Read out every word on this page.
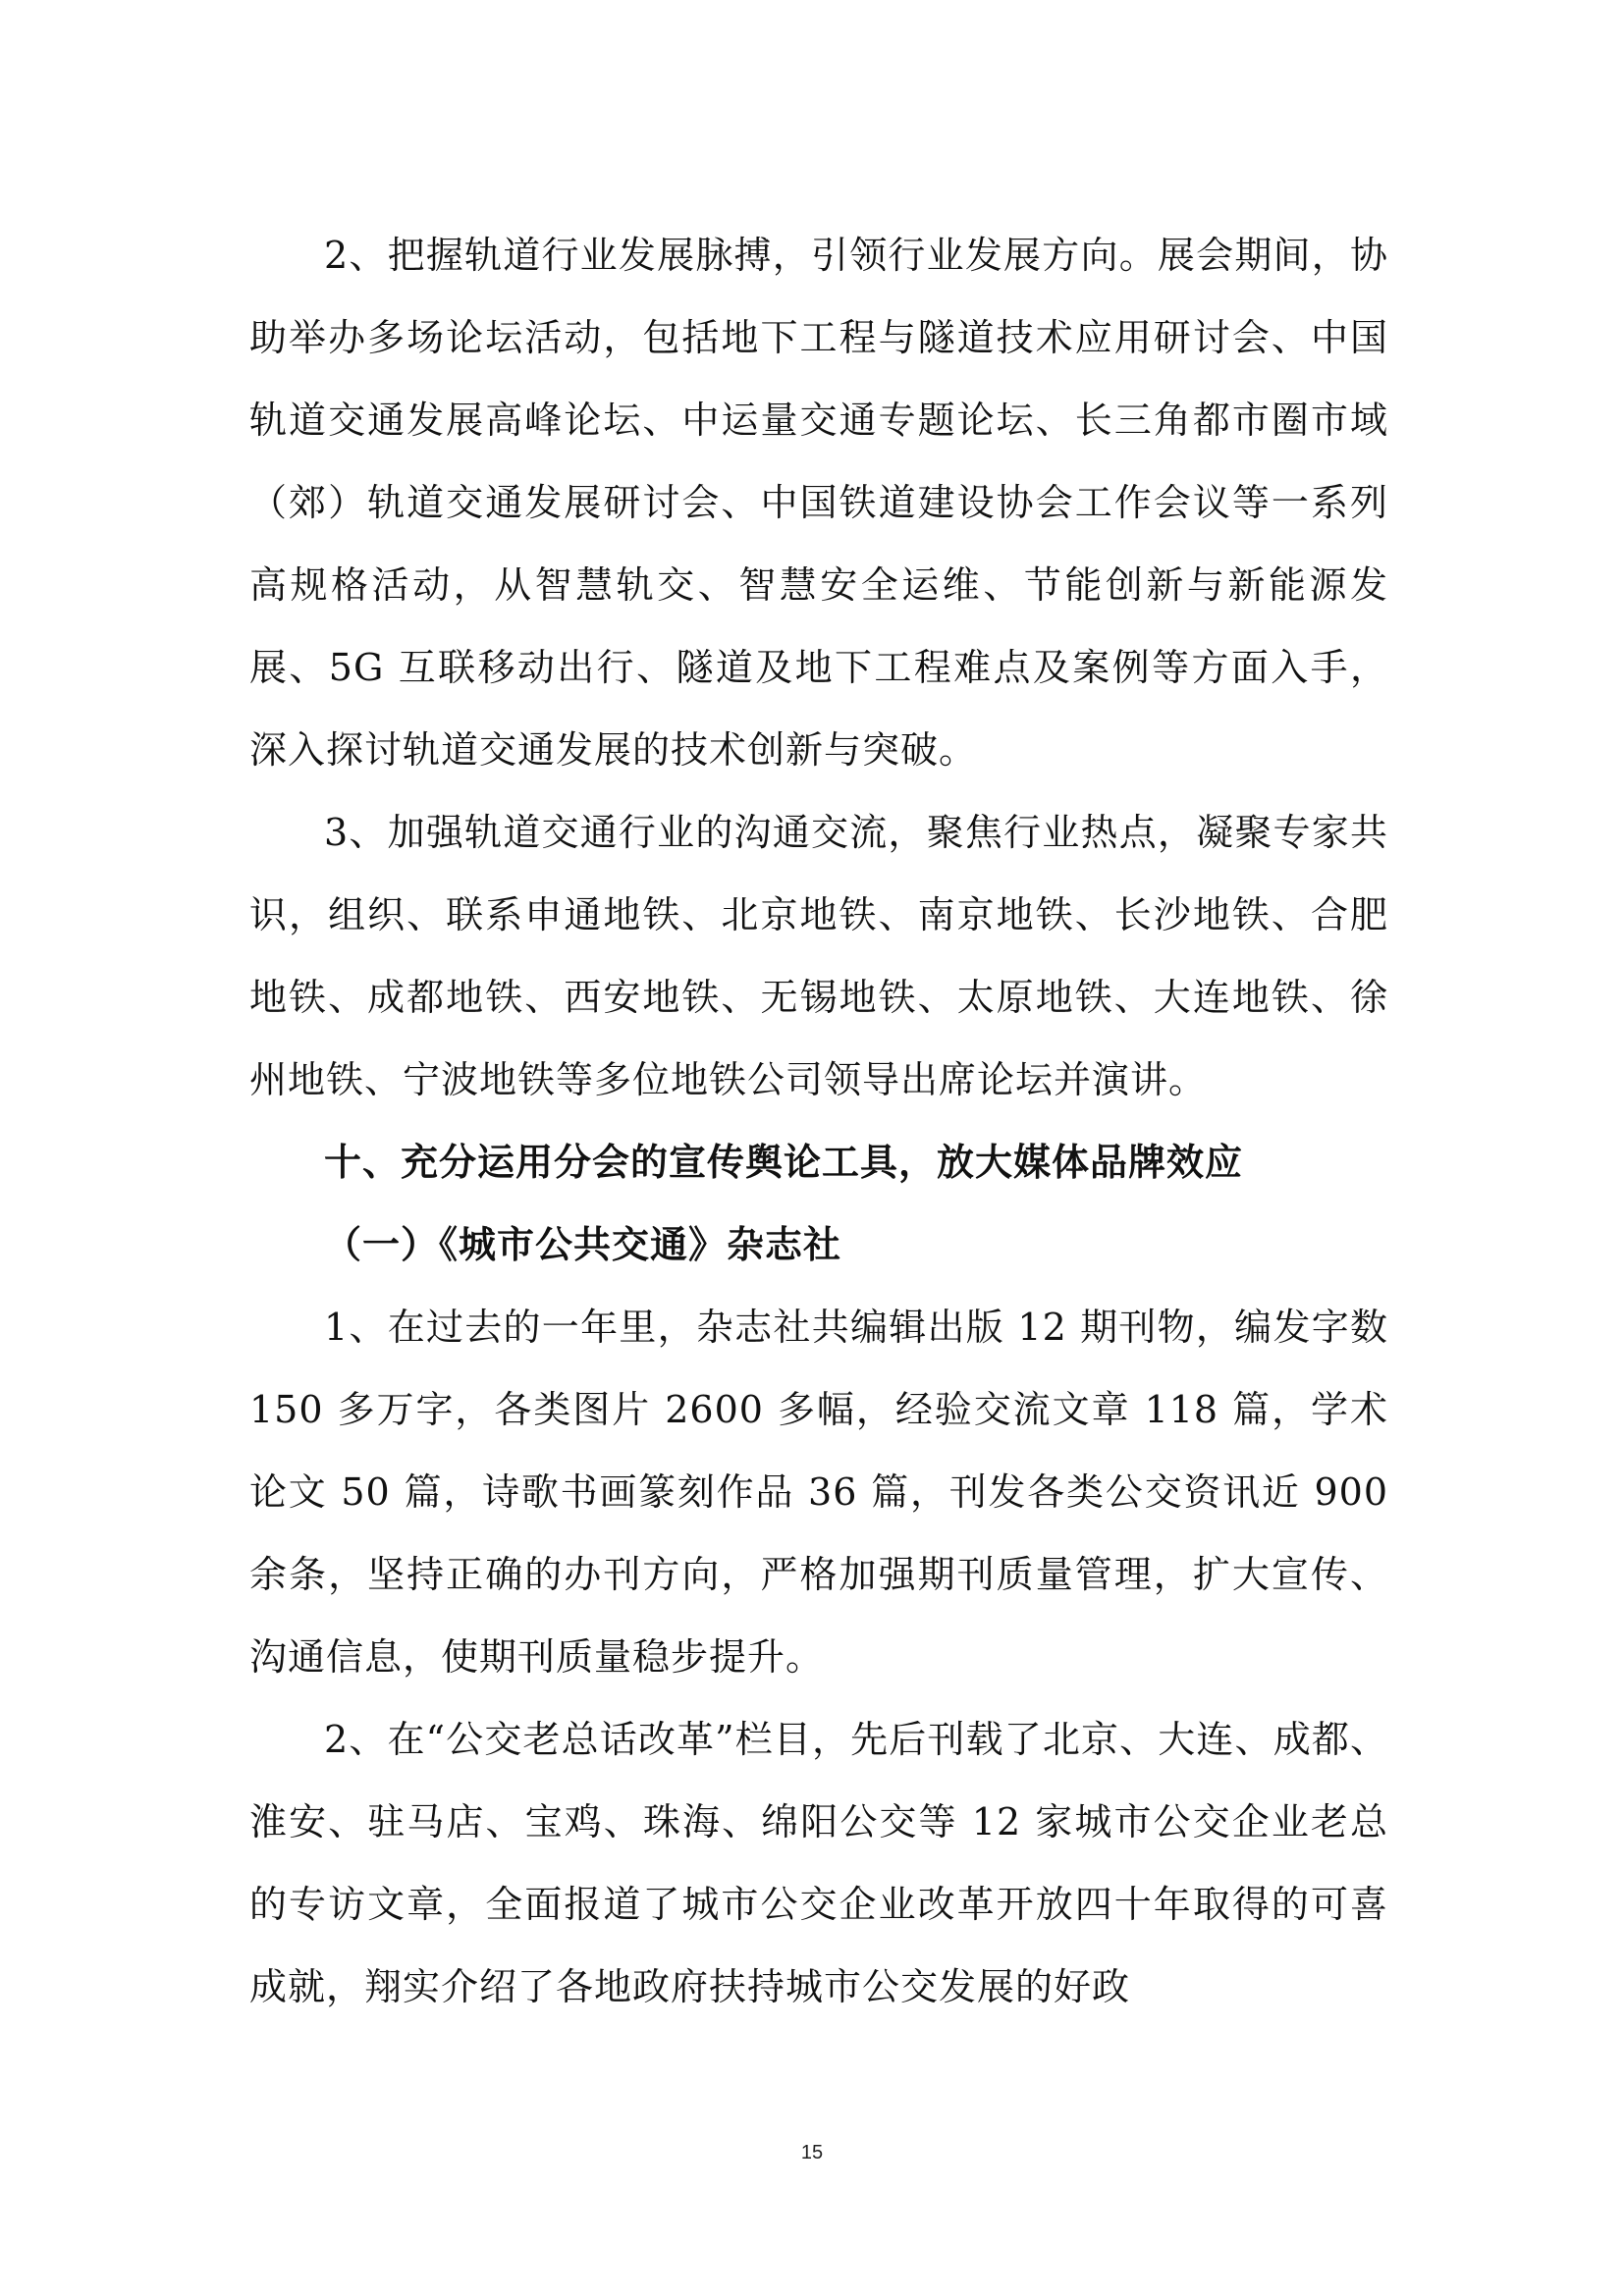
2、把握轨道行业发展脉搏，引领行业发展方向。展会期间，协助举办多场论坛活动，包括地下工程与隧道技术应用研讨会、中国轨道交通发展高峰论坛、中运量交通专题论坛、长三角都市圈市域（郊）轨道交通发展研讨会、中国铁道建设协会工作会议等一系列高规格活动，从智慧轨交、智慧安全运维、节能创新与新能源发展、5G 互联移动出行、隧道及地下工程难点及案例等方面入手，深入探讨轨道交通发展的技术创新与突破。

3、加强轨道交通行业的沟通交流，聚焦行业热点，凝聚专家共识，组织、联系申通地铁、北京地铁、南京地铁、长沙地铁、合肥地铁、成都地铁、西安地铁、无锡地铁、太原地铁、大连地铁、徐州地铁、宁波地铁等多位地铁公司领导出席论坛并演讲。

十、充分运用分会的宣传舆论工具，放大媒体品牌效应

（一）《城市公共交通》杂志社

1、在过去的一年里，杂志社共编辑出版 12 期刊物，编发字数 150 多万字，各类图片 2600 多幅，经验交流文章 118 篇，学术论文 50 篇，诗歌书画篆刻作品 36 篇，刊发各类公交资讯近 900 余条，坚持正确的办刊方向，严格加强期刊质量管理，扩大宣传、沟通信息，使期刊质量稳步提升。

2、在“公交老总话改革”栏目，先后刊载了北京、大连、成都、淮安、驻马店、宝鸡、珠海、绵阳公交等 12 家城市公交企业老总的专访文章，全面报道了城市公交企业改革开放四十年取得的可喜成就，翔实介绍了各地政府扶持城市公交发展的好政

15
